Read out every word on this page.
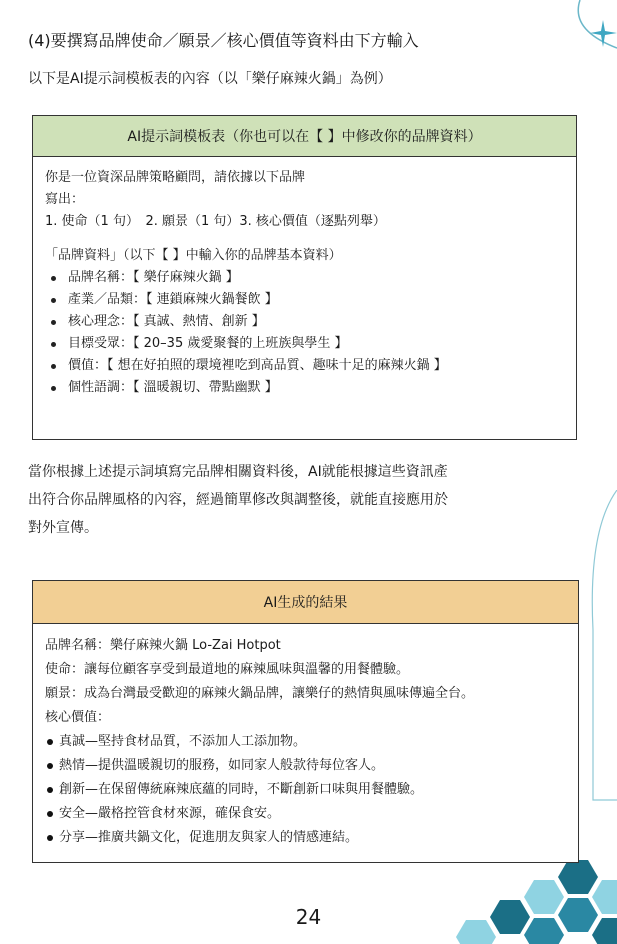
(4)要撰寫品牌使命／願景／核心價值等資料由下方輸入
以下是AI提示詞模板表的內容（以「樂仔麻辣火鍋」為例）
AI提示詞模板表（你也可以在【 】中修改你的品牌資料）
你是一位資深品牌策略顧問，請依據以下品牌
寫出：
1. 使命（1 句）　2. 願景（1 句）3. 核心價值（逐點列舉）
「品牌資料」（以下【 】中輸入你的品牌基本資料）
品牌名稱：【 樂仔麻辣火鍋 】
產業／品類：【 連鎖麻辣火鍋餐飲 】
核心理念：【 真誠、熱情、創新 】
目標受眾：【 20–35 歲愛聚餐的上班族與學生 】
價值：【 想在好拍照的環境裡吃到高品質、趣味十足的麻辣火鍋 】
個性語調：【 溫暖親切、帶點幽默 】
當你根據上述提示詞填寫完品牌相關資料後，AI就能根據這些資訊產
出符合你品牌風格的內容，經過簡單修改與調整後，就能直接應用於
對外宣傳。
AI生成的結果
品牌名稱：樂仔麻辣火鍋 Lo-Zai Hotpot
使命：讓每位顧客享受到最道地的麻辣風味與溫馨的用餐體驗。
願景：成為台灣最受歡迎的麻辣火鍋品牌，讓樂仔的熱情與風味傳遍全台。
核心價值：
真誠—堅持食材品質，不添加人工添加物。
熱情—提供溫暖親切的服務，如同家人般款待每位客人。
創新—在保留傳統麻辣底蘊的同時，不斷創新口味與用餐體驗。
安全—嚴格控管食材來源，確保食安。
分享—推廣共鍋文化，促進朋友與家人的情感連結。
24
